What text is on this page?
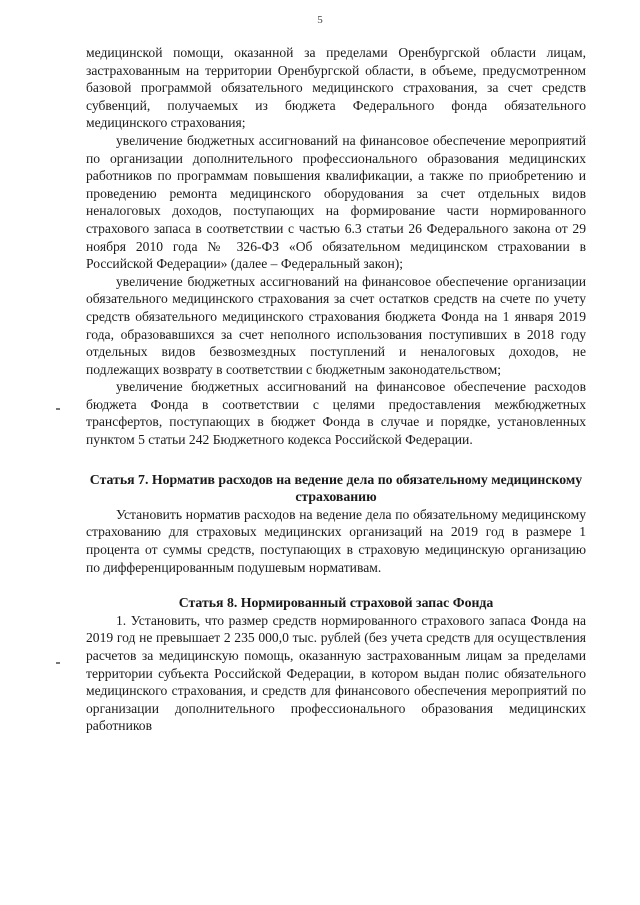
5

медицинской помощи, оказанной за пределами Оренбургской области лицам, застрахованным на территории Оренбургской области, в объеме, предусмотренном базовой программой обязательного медицинского страхования, за счет средств субвенций, получаемых из бюджета Федерального фонда обязательного медицинского страхования;

увеличение бюджетных ассигнований на финансовое обеспечение мероприятий по организации дополнительного профессионального образования медицинских работников по программам повышения квалификации, а также по приобретению и проведению ремонта медицинского оборудования за счет отдельных видов неналоговых доходов, поступающих на формирование части нормированного страхового запаса в соответствии с частью 6.3 статьи 26 Федерального закона от 29 ноября 2010 года № 326-ФЗ «Об обязательном медицинском страховании в Российской Федерации» (далее – Федеральный закон);

увеличение бюджетных ассигнований на финансовое обеспечение организации обязательного медицинского страхования за счет остатков средств на счете по учету средств обязательного медицинского страхования бюджета Фонда на 1 января 2019 года, образовавшихся за счет неполного использования поступивших в 2018 году отдельных видов безвозмездных поступлений и неналоговых доходов, не подлежащих возврату в соответствии с бюджетным законодательством;

увеличение бюджетных ассигнований на финансовое обеспечение расходов бюджета Фонда в соответствии с целями предоставления межбюджетных трансфертов, поступающих в бюджет Фонда в случае и порядке, установленных пунктом 5 статьи 242 Бюджетного кодекса Российской Федерации.

Статья 7. Норматив расходов на ведение дела по обязательному медицинскому страхованию

Установить норматив расходов на ведение дела по обязательному медицинскому страхованию для страховых медицинских организаций на 2019 год в размере 1 процента от суммы средств, поступающих в страховую медицинскую организацию по дифференцированным подушевым нормативам.

Статья 8. Нормированный страховой запас Фонда

1. Установить, что размер средств нормированного страхового запаса Фонда на 2019 год не превышает 2 235 000,0 тыс. рублей (без учета средств для осуществления расчетов за медицинскую помощь, оказанную застрахованным лицам за пределами территории субъекта Российской Федерации, в котором выдан полис обязательного медицинского страхования, и средств для финансового обеспечения мероприятий по организации дополнительного профессионального образования медицинских работников
